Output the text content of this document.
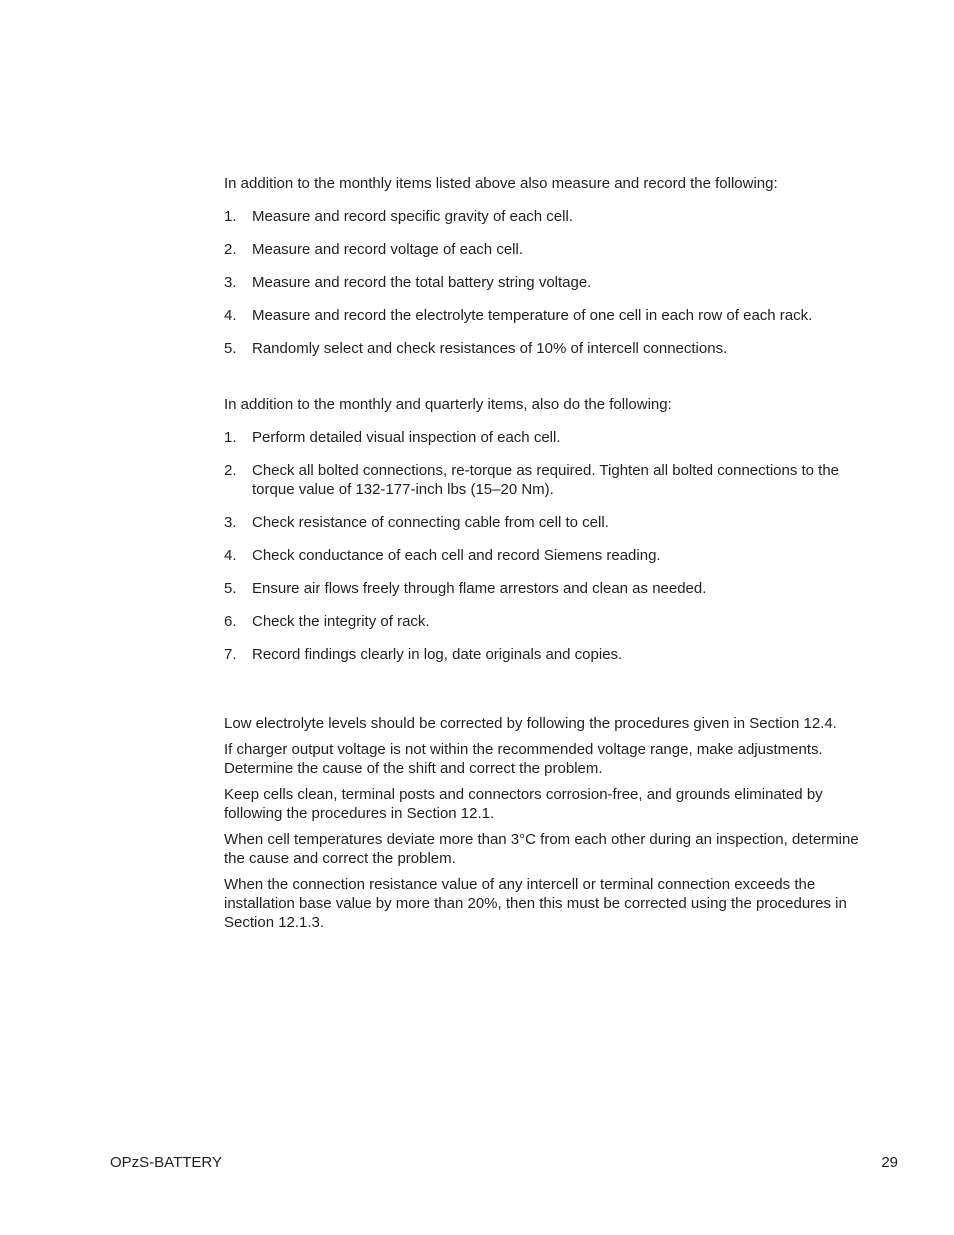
In addition to the monthly items listed above also measure and record the following:

1.	Measure and record specific gravity of each cell.
2.	Measure and record voltage of each cell.
3.	Measure and record the total battery string voltage.
4.	Measure and record the electrolyte temperature of one cell in each row of each rack.
5.	Randomly select and check resistances of 10% of intercell connections.

In addition to the monthly and quarterly items, also do the following:

1.	Perform detailed visual inspection of each cell.
2.	Check all bolted connections, re-torque as required. Tighten all bolted connections to the torque value of 132-177-inch lbs (15–20 Nm).
3.	Check resistance of connecting cable from cell to cell.
4.	Check conductance of each cell and record Siemens reading.
5.	Ensure air flows freely through flame arrestors and clean as needed.
6.	Check the integrity of rack.
7.	Record findings clearly in log, date originals and copies.

Low electrolyte levels should be corrected by following the procedures given in Section 12.4.

If charger output voltage is not within the recommended voltage range, make adjustments. Determine the cause of the shift and correct the problem.

Keep cells clean, terminal posts and connectors corrosion-free, and grounds eliminated by following the procedures in Section 12.1.

When cell temperatures deviate more than 3°C from each other during an inspection, determine the cause and correct the problem.

When the connection resistance value of any intercell or terminal connection exceeds the installation base value by more than 20%, then this must be corrected using the procedures in Section 12.1.3.

OPzS-BATTERY	29
